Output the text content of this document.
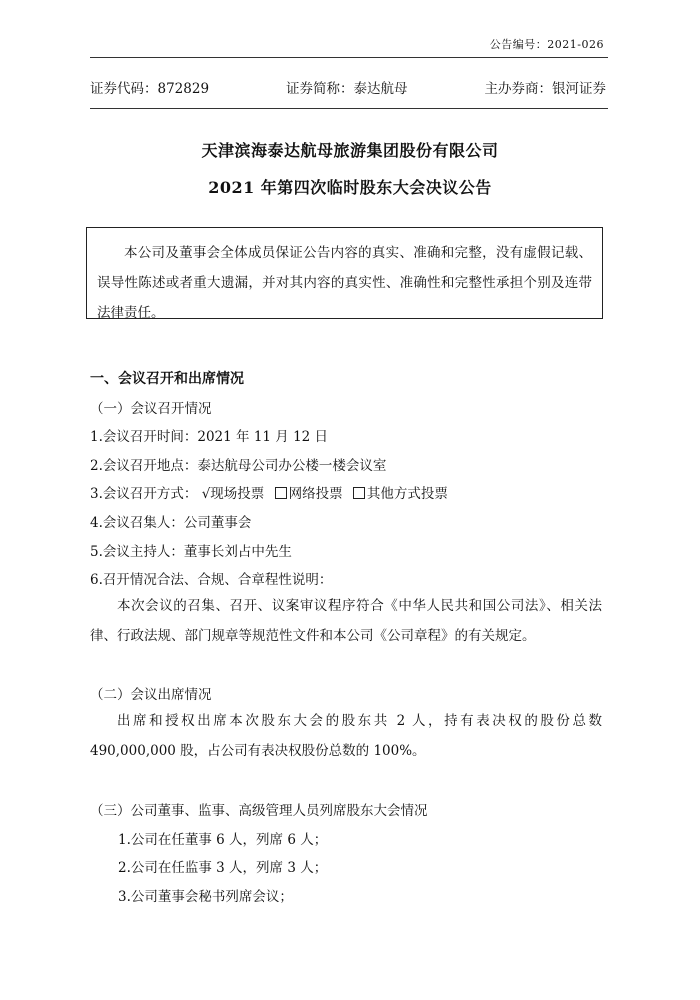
公告编号：2021-026
证券代码：872829	证券简称：泰达航母	主办券商：银河证券
天津滨海泰达航母旅游集团股份有限公司
2021 年第四次临时股东大会决议公告

本公司及董事会全体成员保证公告内容的真实、准确和完整，没有虚假记载、误导性陈述或者重大遗漏，并对其内容的真实性、准确性和完整性承担个别及连带法律责任。

一、会议召开和出席情况
（一）会议召开情况
1.会议召开时间：2021 年 11 月 12 日
2.会议召开地点：泰达航母公司办公楼一楼会议室
3.会议召开方式： √现场投票 网络投票 其他方式投票
4.会议召集人：公司董事会
5.会议主持人：董事长刘占中先生
6.召开情况合法、合规、合章程性说明：

本次会议的召集、召开、议案审议程序符合《中华人民共和国公司法》、相关法律、行政法规、部门规章等规范性文件和本公司《公司章程》的有关规定。

（二）会议出席情况

出席和授权出席本次股东大会的股东共 2 人，持有表决权的股份总数 490,000,000 股，占公司有表决权股份总数的 100%。

（三）公司董事、监事、高级管理人员列席股东大会情况
1.公司在任董事 6 人，列席 6 人；
2.公司在任监事 3 人，列席 3 人；
3.公司董事会秘书列席会议；
